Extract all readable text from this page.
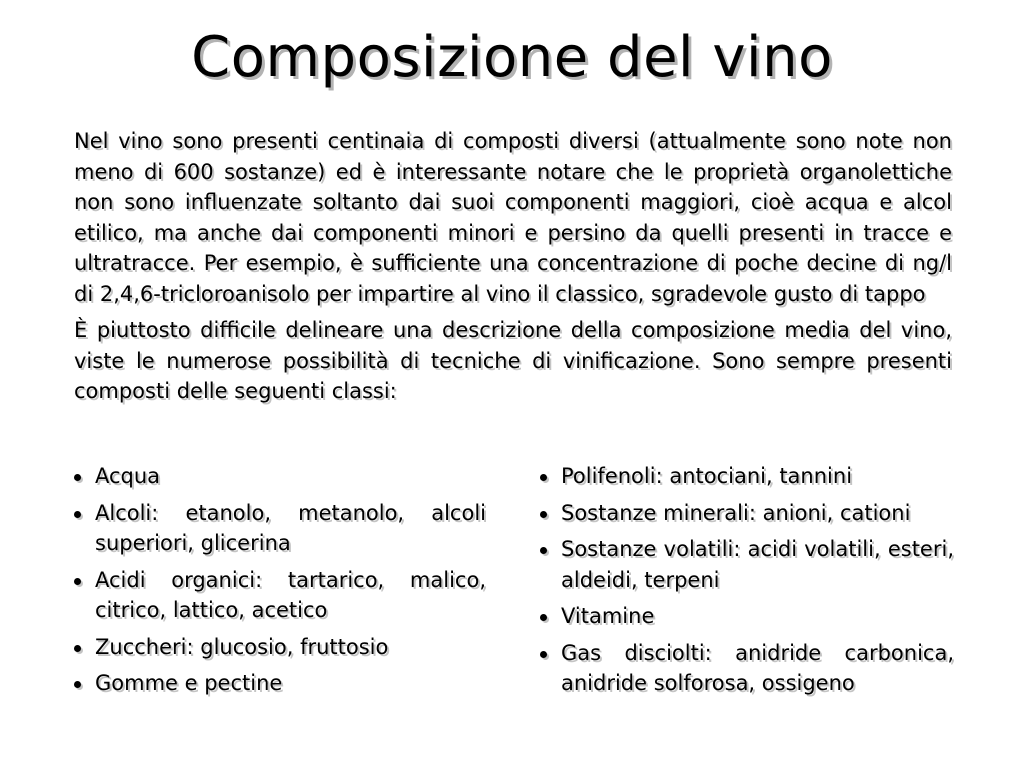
Composizione del vino

Nel vino sono presenti centinaia di composti diversi (attualmente sono note non meno di 600 sostanze) ed è interessante notare che le proprietà organolettiche non sono influenzate soltanto dai suoi componenti maggiori, cioè acqua e alcol etilico, ma anche dai componenti minori e persino da quelli presenti in tracce e ultratracce. Per esempio, è sufficiente una concentrazione di poche decine di ng/l di 2,4,6-tricloroanisolo per impartire al vino il classico, sgradevole gusto di tappo

È piuttosto difficile delineare una descrizione della composizione media del vino, viste le numerose possibilità di tecniche di vinificazione. Sono sempre presenti composti delle seguenti classi:

Acqua
Alcoli: etanolo, metanolo, alcoli superiori, glicerina
Acidi organici: tartarico, malico, citrico, lattico, acetico
Zuccheri: glucosio, fruttosio
Gomme e pectine
Polifenoli: antociani, tannini
Sostanze minerali: anioni, cationi
Sostanze volatili: acidi volatili, esteri, aldeidi, terpeni
Vitamine
Gas disciolti: anidride carbonica, anidride solforosa, ossigeno
